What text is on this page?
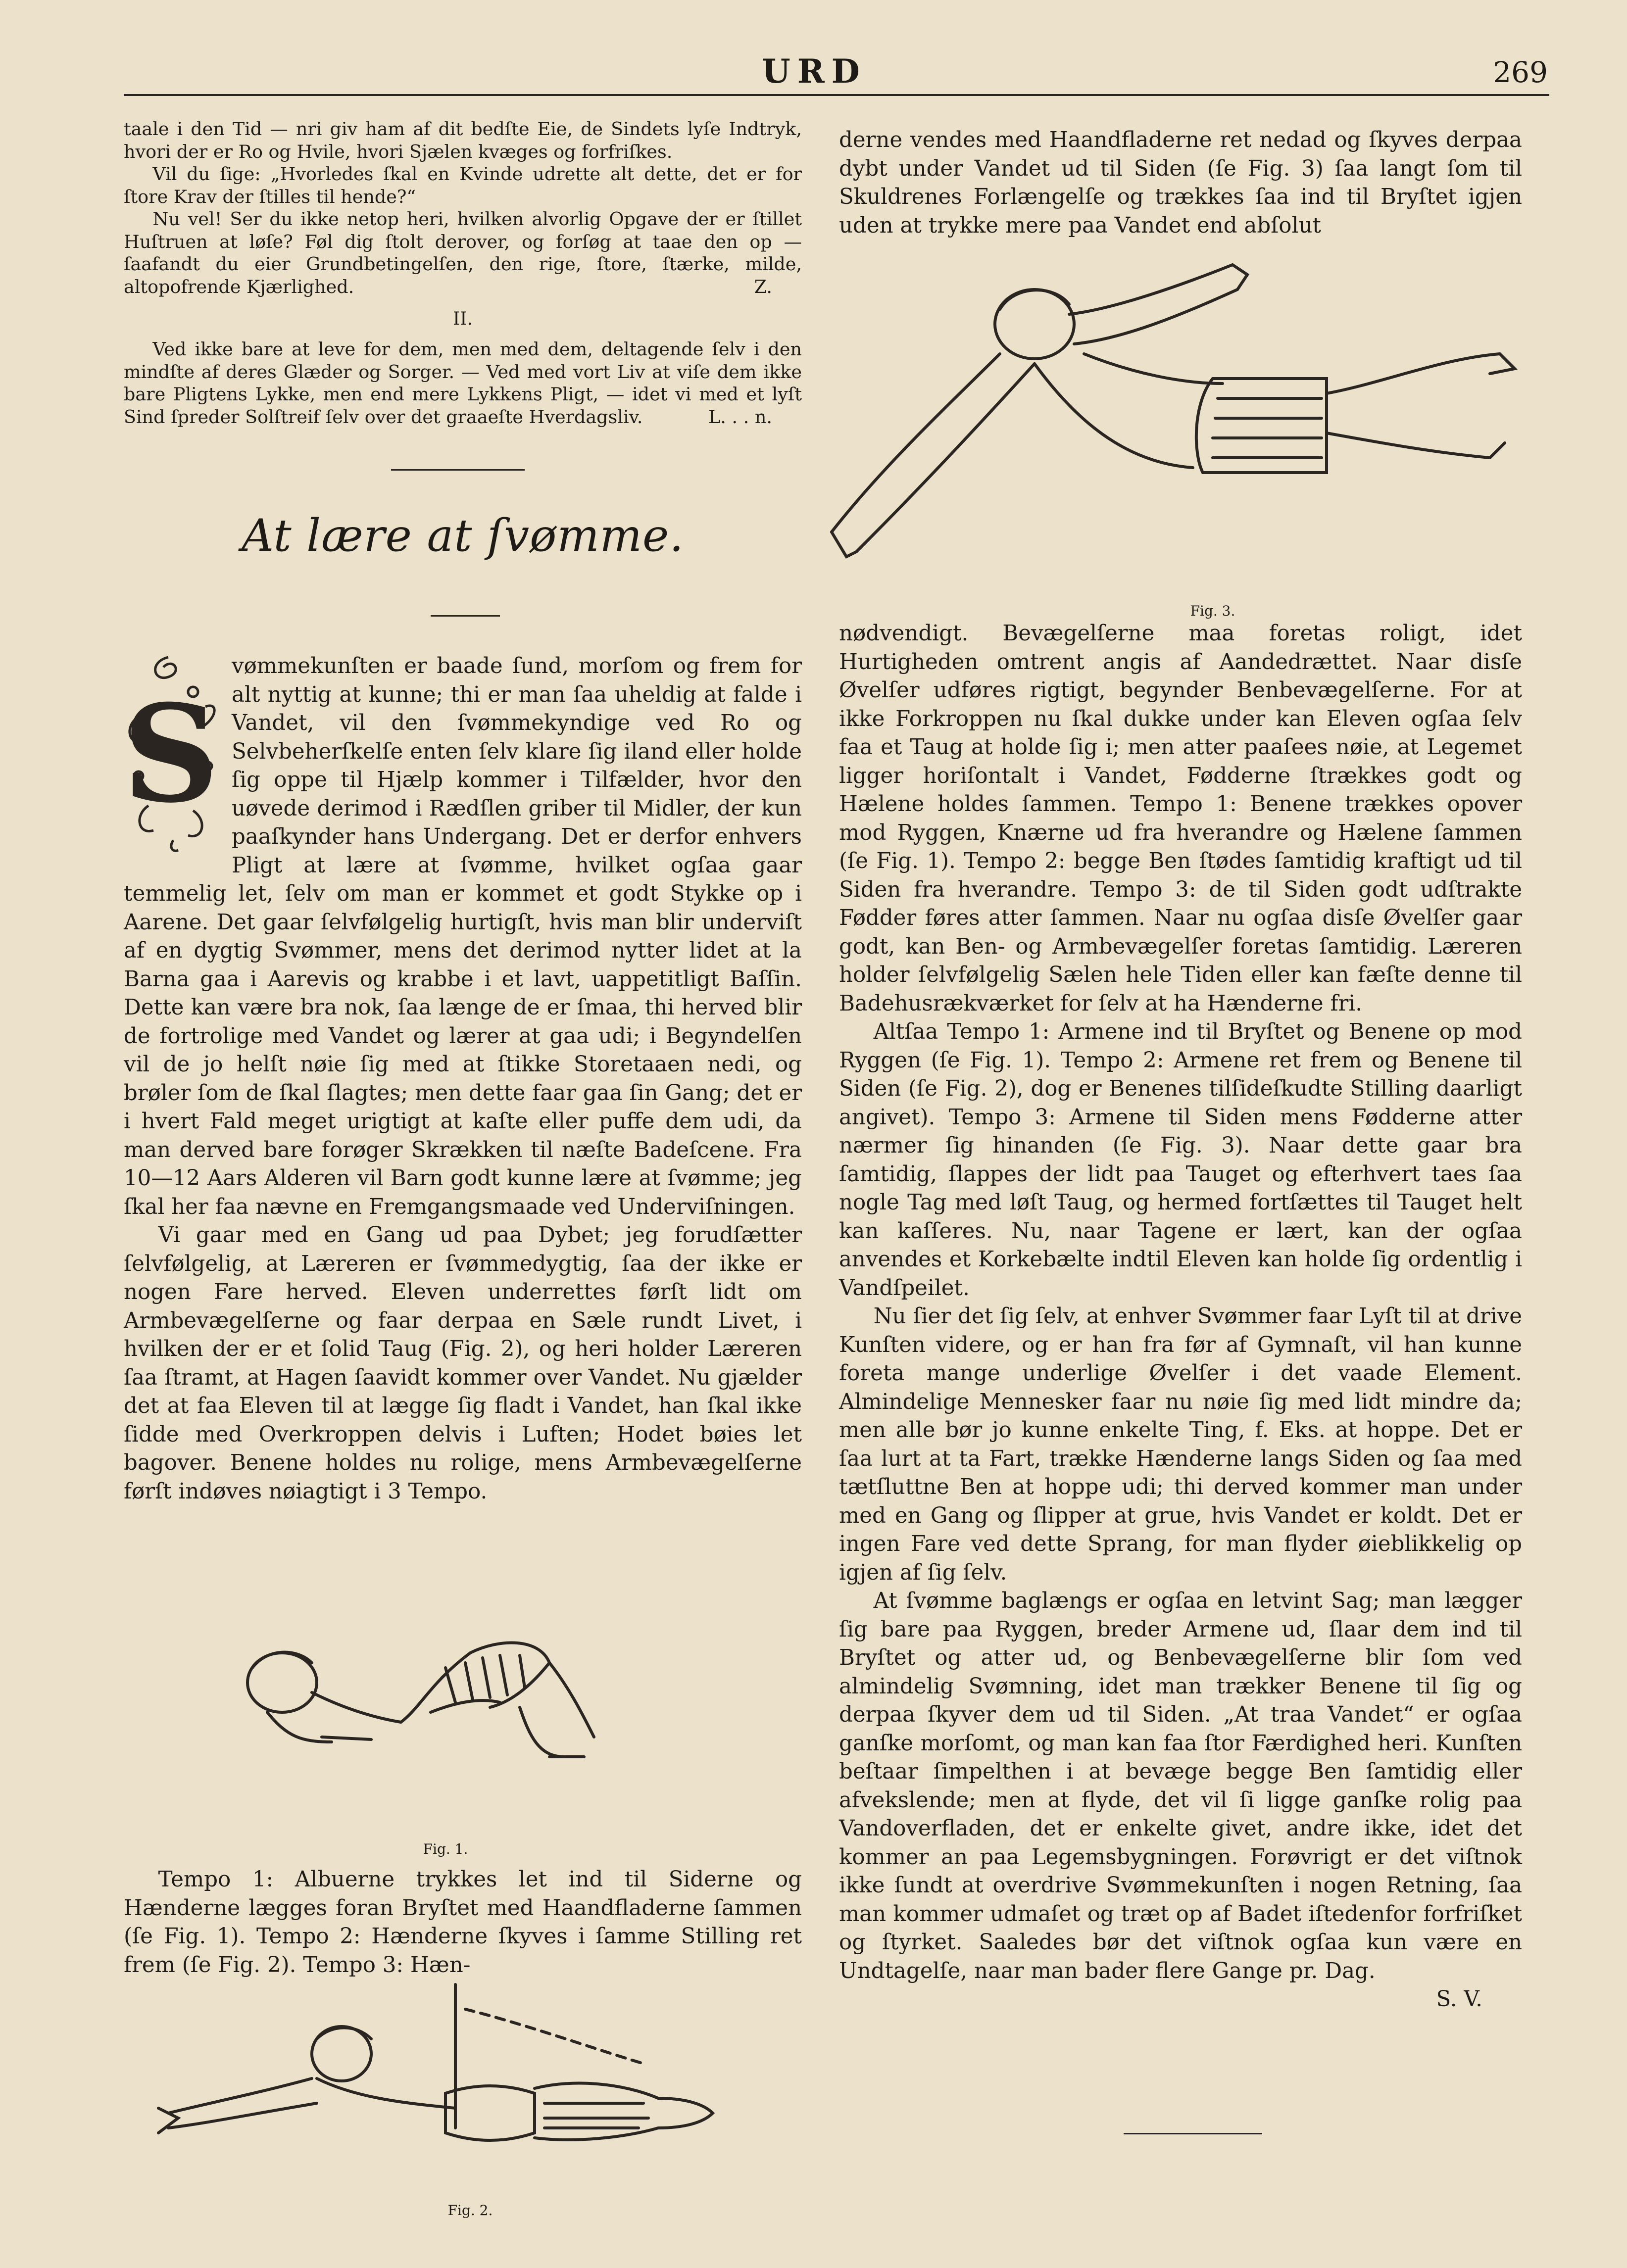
URD	269

taale i den Tid — nri giv ham af dit bedſte Eie, de Sindets lyſe Indtryk, hvori der er Ro og Hvile, hvori Sjælen kvæges og forfriſkes.

Vil du ſige: „Hvorledes ſkal en Kvinde udrette alt dette, det er for ſtore Krav der ſtilles til hende?“

Nu vel! Ser du ikke netop heri, hvilken alvorlig Opgave der er ſtillet Huſtruen at løſe? Føl dig ſtolt derover, og forſøg at taae den op — ſaafandt du eier Grundbetingelſen, den rige, ſtore, ſtærke, milde, altopofrende Kjærlighed.	Z.

II.

Ved ikke bare at leve for dem, men med dem, deltagende ſelv i den mindſte af deres Glæder og Sorger. — Ved med vort Liv at viſe dem ikke bare Pligtens Lykke, men end mere Lykkens Pligt, — idet vi med et lyſt Sind ſpreder Solſtreif ſelv over det graaeſte Hverdagsliv.	L. . . n.

At lære at ſvømme.
S

vømmekunſten er baade ſund, morſom og frem for alt nyttig at kunne; thi er man ſaa uheldig at falde i Vandet, vil den ſvømmekyndige ved Ro og Selvbeherſkelſe enten ſelv klare ſig iland eller holde ſig oppe til Hjælp kommer i Tilfælder, hvor den uøvede derimod i Rædſlen griber til Midler, der kun paaſkynder hans Undergang. Det er derfor enhvers Pligt at lære at ſvømme, hvilket ogſaa gaar temmelig let, ſelv om man er kommet et godt Stykke op i Aarene. Det gaar ſelvfølgelig hurtigſt, hvis man blir underviſt af en dygtig Svømmer, mens det derimod nytter lidet at la Barna gaa i Aarevis og krabbe i et lavt, uappetitligt Baſſin. Dette kan være bra nok, ſaa længe de er ſmaa, thi herved blir de fortrolige med Vandet og lærer at gaa udi; i Begyndelſen vil de jo helſt nøie ſig med at ſtikke Storetaaen nedi, og brøler ſom de ſkal ſlagtes; men dette faar gaa ſin Gang; det er i hvert Fald meget urigtigt at kaſte eller puffe dem udi, da man derved bare forøger Skrækken til næſte Badeſcene. Fra 10—12 Aars Alderen vil Barn godt kunne lære at ſvømme; jeg ſkal her faa nævne en Fremgangsmaade ved Underviſningen.

Vi gaar med en Gang ud paa Dybet; jeg forudſætter ſelvfølgelig, at Læreren er ſvømmedygtig, ſaa der ikke er nogen Fare herved. Eleven underrettes førſt lidt om Armbevægelſerne og faar derpaa en Sæle rundt Livet, i hvilken der er et ſolid Taug (Fig. 2), og heri holder Læreren ſaa ſtramt, at Hagen ſaavidt kommer over Vandet. Nu gjælder det at faa Eleven til at lægge ſig fladt i Vandet, han ſkal ikke ſidde med Overkroppen delvis i Luften; Hodet bøies let bagover. Benene holdes nu rolige, mens Armbevægelſerne førſt indøves nøiagtigt i 3 Tempo.

Fig. 1.

Tempo 1: Albuerne trykkes let ind til Siderne og Hænderne lægges foran Bryſtet med Haandfladerne ſammen (ſe Fig. 1). Tempo 2: Hænderne ſkyves i ſamme Stilling ret frem (ſe Fig. 2). Tempo 3: Hæn-

Fig. 2.

derne vendes med Haandfladerne ret nedad og ſkyves derpaa dybt under Vandet ud til Siden (ſe Fig. 3) ſaa langt ſom til Skuldrenes Forlængelſe og trækkes ſaa ind til Bryſtet igjen uden at trykke mere paa Vandet end abſolut

Fig. 3.

nødvendigt. Bevægelſerne maa foretas roligt, idet Hurtigheden omtrent angis af Aandedrættet. Naar disſe Øvelſer udføres rigtigt, begynder Benbevægelſerne. For at ikke Forkroppen nu ſkal dukke under kan Eleven ogſaa ſelv faa et Taug at holde ſig i; men atter paaſees nøie, at Legemet ligger horiſontalt i Vandet, Fødderne ſtrækkes godt og Hælene holdes ſammen. Tempo 1: Benene trækkes opover mod Ryggen, Knærne ud fra hverandre og Hælene ſammen (ſe Fig. 1). Tempo 2: begge Ben ſtødes ſamtidig kraftigt ud til Siden fra hverandre. Tempo 3: de til Siden godt udſtrakte Fødder føres atter ſammen. Naar nu ogſaa disſe Øvelſer gaar godt, kan Ben- og Armbevægelſer foretas ſamtidig. Læreren holder ſelvfølgelig Sælen hele Tiden eller kan fæſte denne til Badehusrækværket for ſelv at ha Hænderne fri.

Altſaa Tempo 1: Armene ind til Bryſtet og Benene op mod Ryggen (ſe Fig. 1). Tempo 2: Armene ret frem og Benene til Siden (ſe Fig. 2), dog er Benenes tilſideſkudte Stilling daarligt angivet). Tempo 3: Armene til Siden mens Fødderne atter nærmer ſig hinanden (ſe Fig. 3). Naar dette gaar bra ſamtidig, ſlappes der lidt paa Tauget og efterhvert taes ſaa nogle Tag med løſt Taug, og hermed fortſættes til Tauget helt kan kaſſeres. Nu, naar Tagene er lært, kan der ogſaa anvendes et Korkebælte indtil Eleven kan holde ſig ordentlig i Vandſpeilet.

Nu ſier det ſig ſelv, at enhver Svømmer faar Lyſt til at drive Kunſten videre, og er han fra før af Gymnaſt, vil han kunne foreta mange underlige Øvelſer i det vaade Element. Almindelige Mennesker faar nu nøie ſig med lidt mindre da; men alle bør jo kunne enkelte Ting, f. Eks. at hoppe. Det er ſaa lurt at ta Fart, trække Hænderne langs Siden og ſaa med tætſluttne Ben at hoppe udi; thi derved kommer man under med en Gang og ſlipper at grue, hvis Vandet er koldt. Det er ingen Fare ved dette Sprang, for man flyder øieblikkelig op igjen af ſig ſelv.

At ſvømme baglængs er ogſaa en letvint Sag; man lægger ſig bare paa Ryggen, breder Armene ud, ſlaar dem ind til Bryſtet og atter ud, og Benbevægelſerne blir ſom ved almindelig Svømning, idet man trækker Benene til ſig og derpaa ſkyver dem ud til Siden. „At traa Vandet“ er ogſaa ganſke morſomt, og man kan faa ſtor Færdighed heri. Kunſten beſtaar ſimpelthen i at bevæge begge Ben ſamtidig eller afvekslende; men at flyde, det vil ſi ligge ganſke rolig paa Vandoverfladen, det er enkelte givet, andre ikke, idet det kommer an paa Legemsbygningen. Forøvrigt er det viſtnok ikke ſundt at overdrive Svømmekunſten i nogen Retning, ſaa man kommer udmaſet og træt op af Badet iſtedenfor forfriſket og ſtyrket. Saaledes bør det viſtnok ogſaa kun være en Undtagelſe, naar man bader flere Gange pr. Dag.

S. V.
